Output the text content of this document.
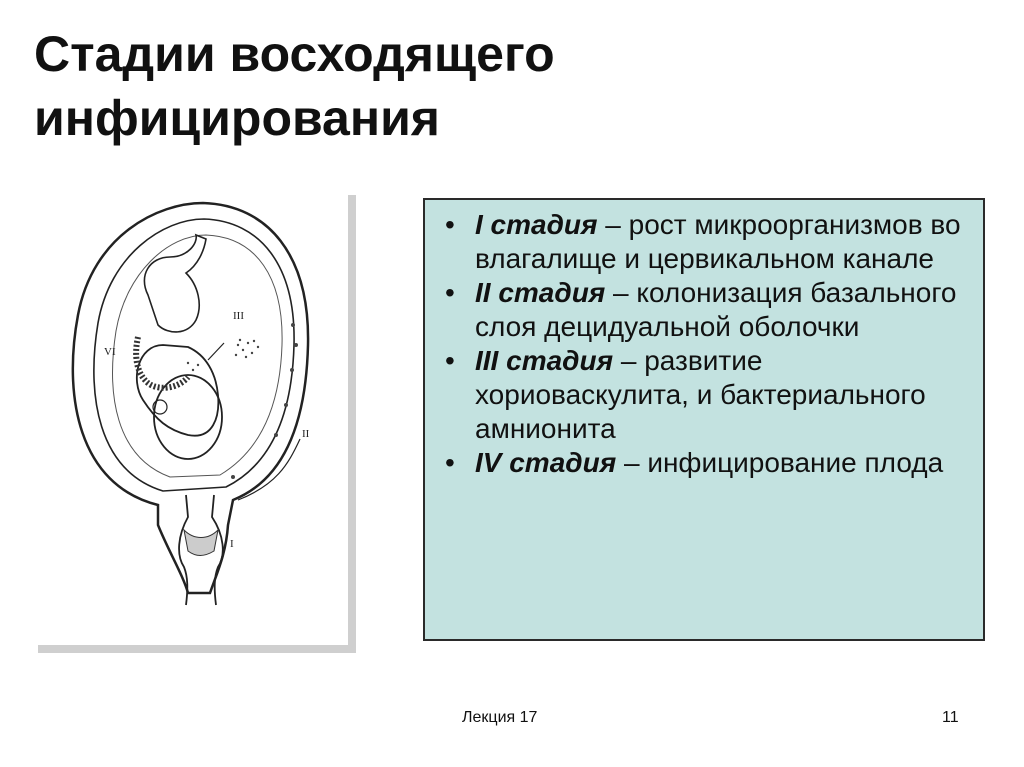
Стадии восходящего
инфицирования
VI
III
II
I
• I стадия – рост микроорганизмов во влагалище и цервикальном канале
• II стадия – колонизация базального слоя децидуальной оболочки
• III стадия – развитие хориоваскулита, и бактериального амнионита
• IV стадия – инфицирование плода
Лекция 17	11
